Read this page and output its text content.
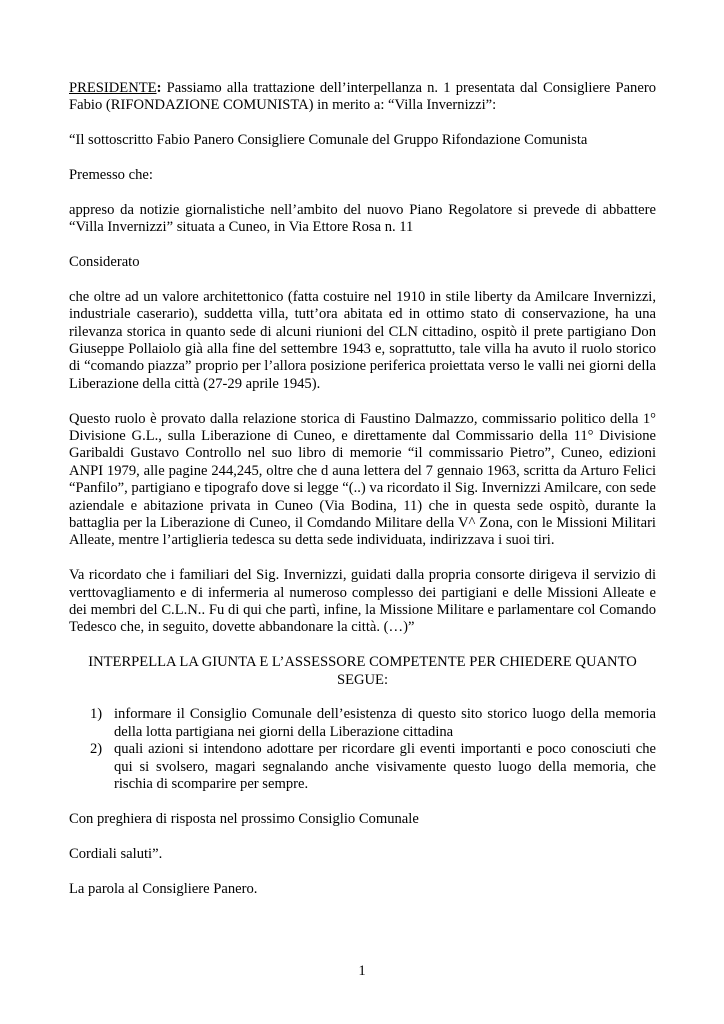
PRESIDENTE: Passiamo alla trattazione dell’interpellanza n. 1 presentata dal Consigliere Panero Fabio (RIFONDAZIONE COMUNISTA) in merito a: “Villa Invernizzi”:

“Il sottoscritto Fabio Panero Consigliere Comunale del Gruppo Rifondazione Comunista

Premesso che:

appreso da notizie giornalistiche nell’ambito del nuovo Piano Regolatore si prevede di abbattere “Villa Invernizzi” situata a Cuneo, in Via Ettore Rosa n. 11

Considerato

che oltre ad un valore architettonico (fatta costuire nel 1910 in stile liberty da Amilcare Invernizzi, industriale caserario), suddetta villa, tutt’ora abitata ed in ottimo stato di conservazione, ha una rilevanza storica in quanto sede di alcuni riunioni del CLN cittadino, ospitò il prete partigiano Don Giuseppe Pollaiolo già alla fine del settembre 1943 e, soprattutto, tale villa ha avuto il ruolo storico di “comando piazza” proprio per l’allora posizione periferica proiettata verso le valli nei giorni della Liberazione della città (27-29 aprile 1945).

Questo ruolo è provato dalla relazione storica di Faustino Dalmazzo, commissario politico della 1° Divisione G.L., sulla Liberazione di Cuneo, e direttamente dal Commissario della 11° Divisione Garibaldi Gustavo Controllo nel suo libro di memorie “il commissario Pietro”, Cuneo, edizioni ANPI 1979, alle pagine 244,245, oltre che d auna lettera del 7 gennaio 1963, scritta da Arturo Felici “Panfilo”, partigiano e tipografo dove si legge “(..) va ricordato il Sig. Invernizzi Amilcare, con sede aziendale e abitazione privata in Cuneo (Via Bodina, 11) che in questa sede ospitò, durante la battaglia per la Liberazione di Cuneo, il Comdando Militare della V^ Zona, con le Missioni Militari Alleate, mentre l’artiglieria tedesca su detta sede individuata, indirizzava i suoi tiri.

Va ricordato che i familiari del Sig. Invernizzi, guidati dalla propria consorte dirigeva il servizio di verttovagliamento e di infermeria al numeroso complesso dei partigiani e delle Missioni Alleate e dei membri del C.L.N.. Fu di qui che partì, infine, la Missione Militare e parlamentare col Comando Tedesco che, in seguito, dovette abbandonare la città. (…)”

INTERPELLA LA GIUNTA E L’ASSESSORE COMPETENTE PER CHIEDERE QUANTO SEGUE:

1) informare il Consiglio Comunale dell’esistenza di questo sito storico luogo della memoria della lotta partigiana nei giorni della Liberazione cittadina
2) quali azioni si intendono adottare per ricordare gli eventi importanti e poco conosciuti che qui si svolsero, magari segnalando anche visivamente questo luogo della memoria, che rischia di scomparire per sempre.

Con preghiera di risposta nel prossimo Consiglio Comunale

Cordiali saluti”.

La parola al Consigliere Panero.

1
